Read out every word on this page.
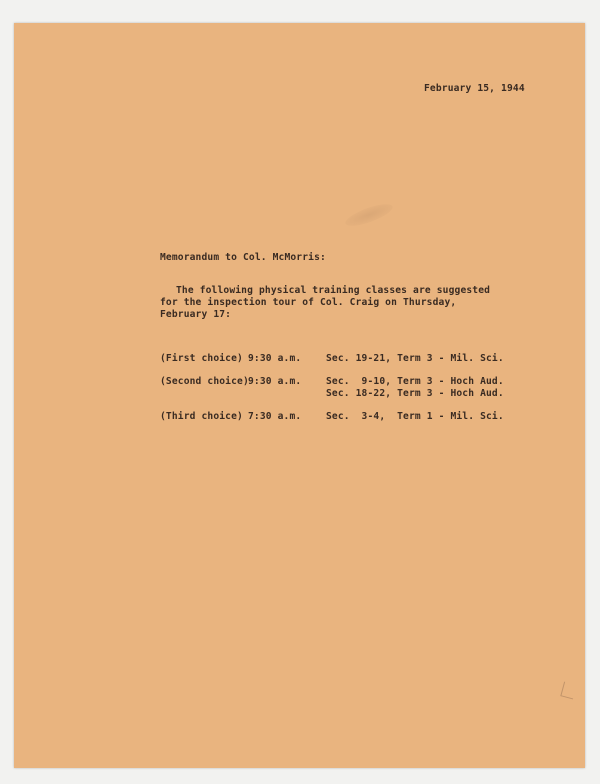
February 15, 1944
Memorandum to Col. McMorris:
The following physical training classes are suggested
for the inspection tour of Col. Craig on Thursday,
February 17:
(First choice) 9:30 a.m.	Sec. 19-21, Term 3 - Mil. Sci.
(Second choice) 9:30 a.m.	Sec.  9-10, Term 3 - Hoch Aud.
Sec. 18-22, Term 3 - Hoch Aud.
(Third choice) 7:30 a.m.	Sec.  3-4,  Term 1 - Mil. Sci.
